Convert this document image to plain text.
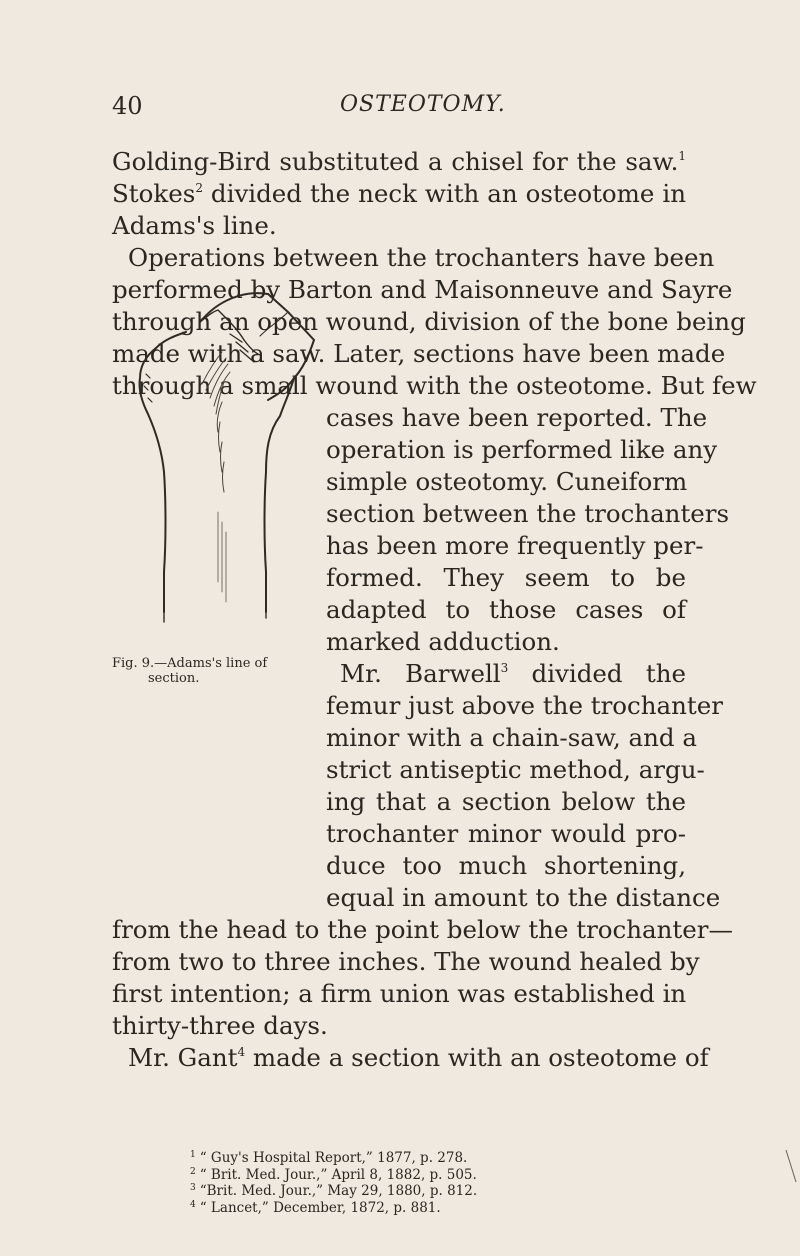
40	OSTEOTOMY.
Golding-Bird substituted a chisel for the saw.$^1$
Stokes$^2$ divided the neck with an osteotome in
Adams's line.
Operations between the trochanters have been
performed by Barton and Maisonneuve and Sayre
through an open wound, division of the bone being
made with a saw. Later, sections have been made
through a small wound with the osteotome. But few
cases have been reported. The
operation is performed like any
simple osteotomy. Cuneiform
section between the trochanters
has been more frequently per-
formed. They seem to be
adapted to those cases of
marked adduction.
Mr. Barwell$^3$ divided the
femur just above the trochanter
minor with a chain-saw, and a
strict antiseptic method, argu-
ing that a section below the
trochanter minor would pro-
duce too much shortening,
equal in amount to the distance
from the head to the point below the trochanter—
from two to three inches. The wound healed by
first intention; a firm union was established in
thirty-three days.
Mr. Gant$^4$ made a section with an osteotome of
Fig. 9.—Adams's line of
section.
$^1$ “ Guy's Hospital Report,” 1877, p. 278.
$^2$ “ Brit. Med. Jour.,” April 8, 1882, p. 505.
$^3$ “Brit. Med. Jour.,” May 29, 1880, p. 812.
$^4$ “ Lancet,” December, 1872, p. 881.
